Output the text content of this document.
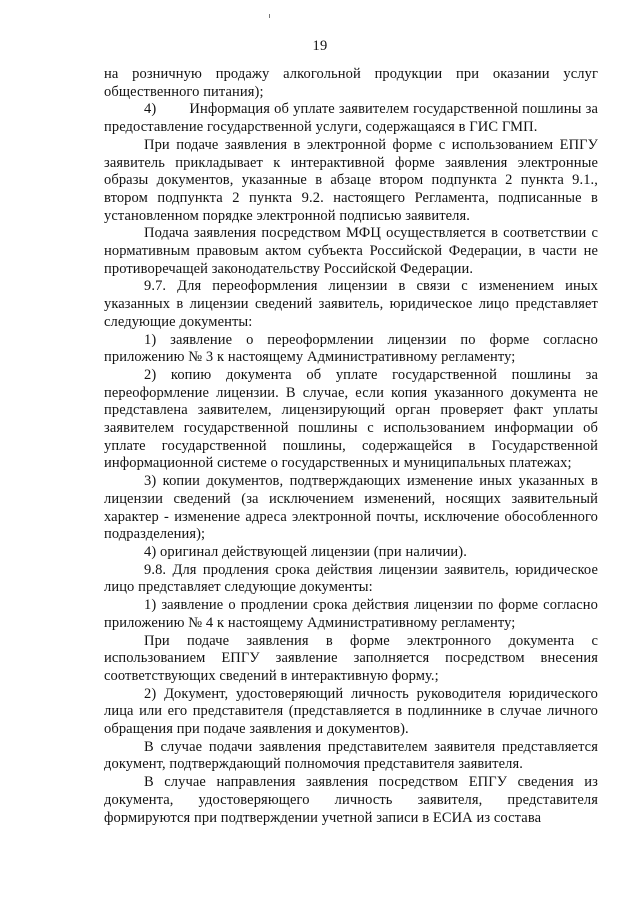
19

на розничную продажу алкогольной продукции при оказании услуг общественного питания);

4)        Информация об уплате заявителем государственной пошлины за предоставление государственной услуги, содержащаяся в ГИС ГМП.

При подаче заявления в электронной форме с использованием ЕПГУ заявитель прикладывает к интерактивной форме заявления электронные образы документов, указанные в абзаце втором подпункта 2 пункта 9.1., втором подпункта 2 пункта 9.2. настоящего Регламента, подписанные в установленном порядке электронной подписью заявителя.

Подача заявления посредством МФЦ осуществляется в соответствии с нормативным правовым актом субъекта Российской Федерации, в части не противоречащей законодательству Российской Федерации.

9.7. Для переоформления лицензии в связи с изменением иных указанных в лицензии сведений заявитель, юридическое лицо представляет следующие документы:

1) заявление о переоформлении лицензии по форме согласно приложению № 3 к настоящему Административному регламенту;

2) копию документа об уплате государственной пошлины за переоформление лицензии. В случае, если копия указанного документа не представлена заявителем, лицензирующий орган проверяет факт уплаты заявителем государственной пошлины с использованием информации об уплате государственной пошлины, содержащейся в Государственной информационной системе о государственных и муниципальных платежах;

3) копии документов, подтверждающих изменение иных указанных в лицензии сведений (за исключением изменений, носящих заявительный характер - изменение адреса электронной почты, исключение обособленного подразделения);

4) оригинал действующей лицензии (при наличии).

9.8. Для продления срока действия лицензии заявитель, юридическое лицо представляет следующие документы:

1) заявление о продлении срока действия лицензии по форме согласно приложению № 4 к настоящему Административному регламенту;

При подаче заявления в форме электронного документа с использованием ЕПГУ заявление заполняется посредством внесения соответствующих сведений в интерактивную форму.;

2) Документ, удостоверяющий личность руководителя юридического лица или его представителя (представляется в подлиннике в случае личного обращения при подаче заявления и документов).

В случае подачи заявления представителем заявителя представляется документ, подтверждающий полномочия представителя заявителя.

В случае направления заявления посредством ЕПГУ сведения из документа, удостоверяющего личность заявителя, представителя формируются при подтверждении учетной записи в ЕСИА из состава
